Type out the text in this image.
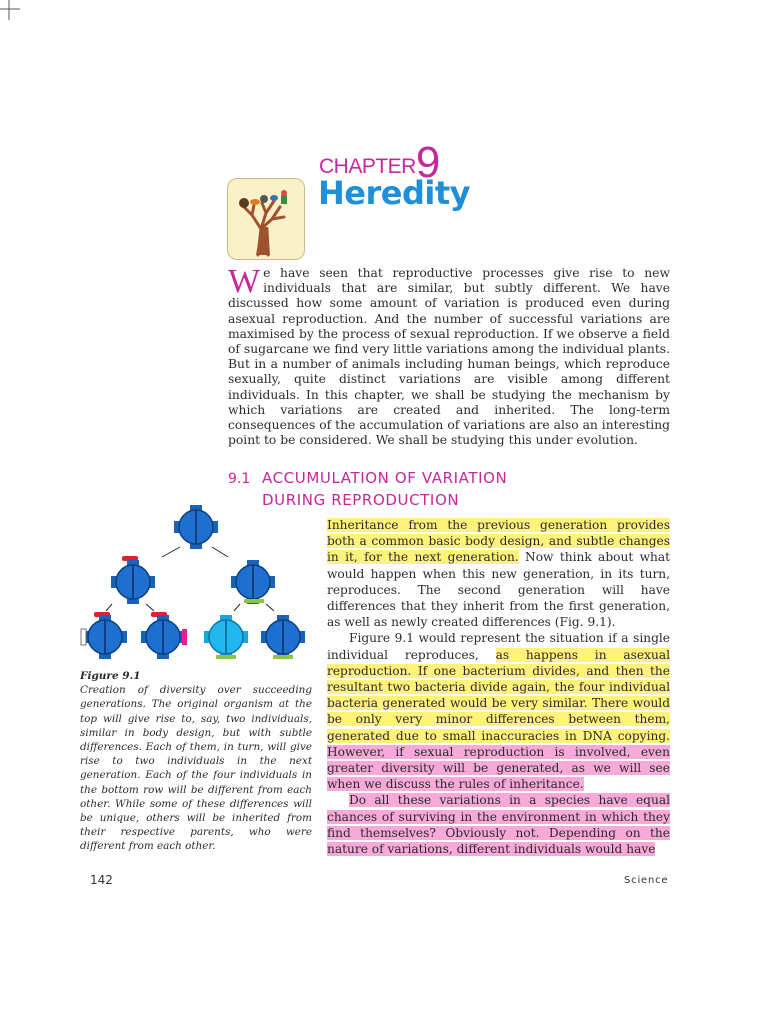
CHAPTER9
Heredity
W e have seen that reproductive processes give rise to new individuals that are similar, but subtly different. We have discussed how some amount of variation is produced even during asexual reproduction. And the number of successful variations are maximised by the process of sexual reproduction. If we observe a field of sugarcane we find very little variations among the individual plants. But in a number of animals including human beings, which reproduce sexually, quite distinct variations are visible among different individuals. In this chapter, we shall be studying the mechanism by which variations are created and inherited. The long-term consequences of the accumulation of variations are also an interesting point to be considered. We shall be studying this under evolution.
9.1 ACCUMULATION OF VARIATION
DURING REPRODUCTION
Figure 9.1
Creation of diversity over succeeding generations. The original organism at the top will give rise to, say, two individuals, similar in body design, but with subtle differences. Each of them, in turn, will give rise to two individuals in the next generation. Each of the four individuals in the bottom row will be different from each other. While some of these differences will be unique, others will be inherited from their respective parents, who were different from each other.

Inheritance from the previous generation provides both a common basic body design, and subtle changes in it, for the next generation. Now think about what would happen when this new generation, in its turn, reproduces. The second generation will have differences that they inherit from the first generation, as well as newly created differences (Fig. 9.1).

Figure 9.1 would represent the situation if a single individual reproduces, as happens in asexual reproduction. If one bacterium divides, and then the resultant two bacteria divide again, the four individual bacteria generated would be very similar. There would be only very minor differences between them, generated due to small inaccuracies in DNA copying. However, if sexual reproduction is involved, even greater diversity will be generated, as we will see when we discuss the rules of inheritance.

Do all these variations in a species have equal chances of surviving in the environment in which they find themselves? Obviously not. Depending on the nature of variations, different individuals would have

142	Science
